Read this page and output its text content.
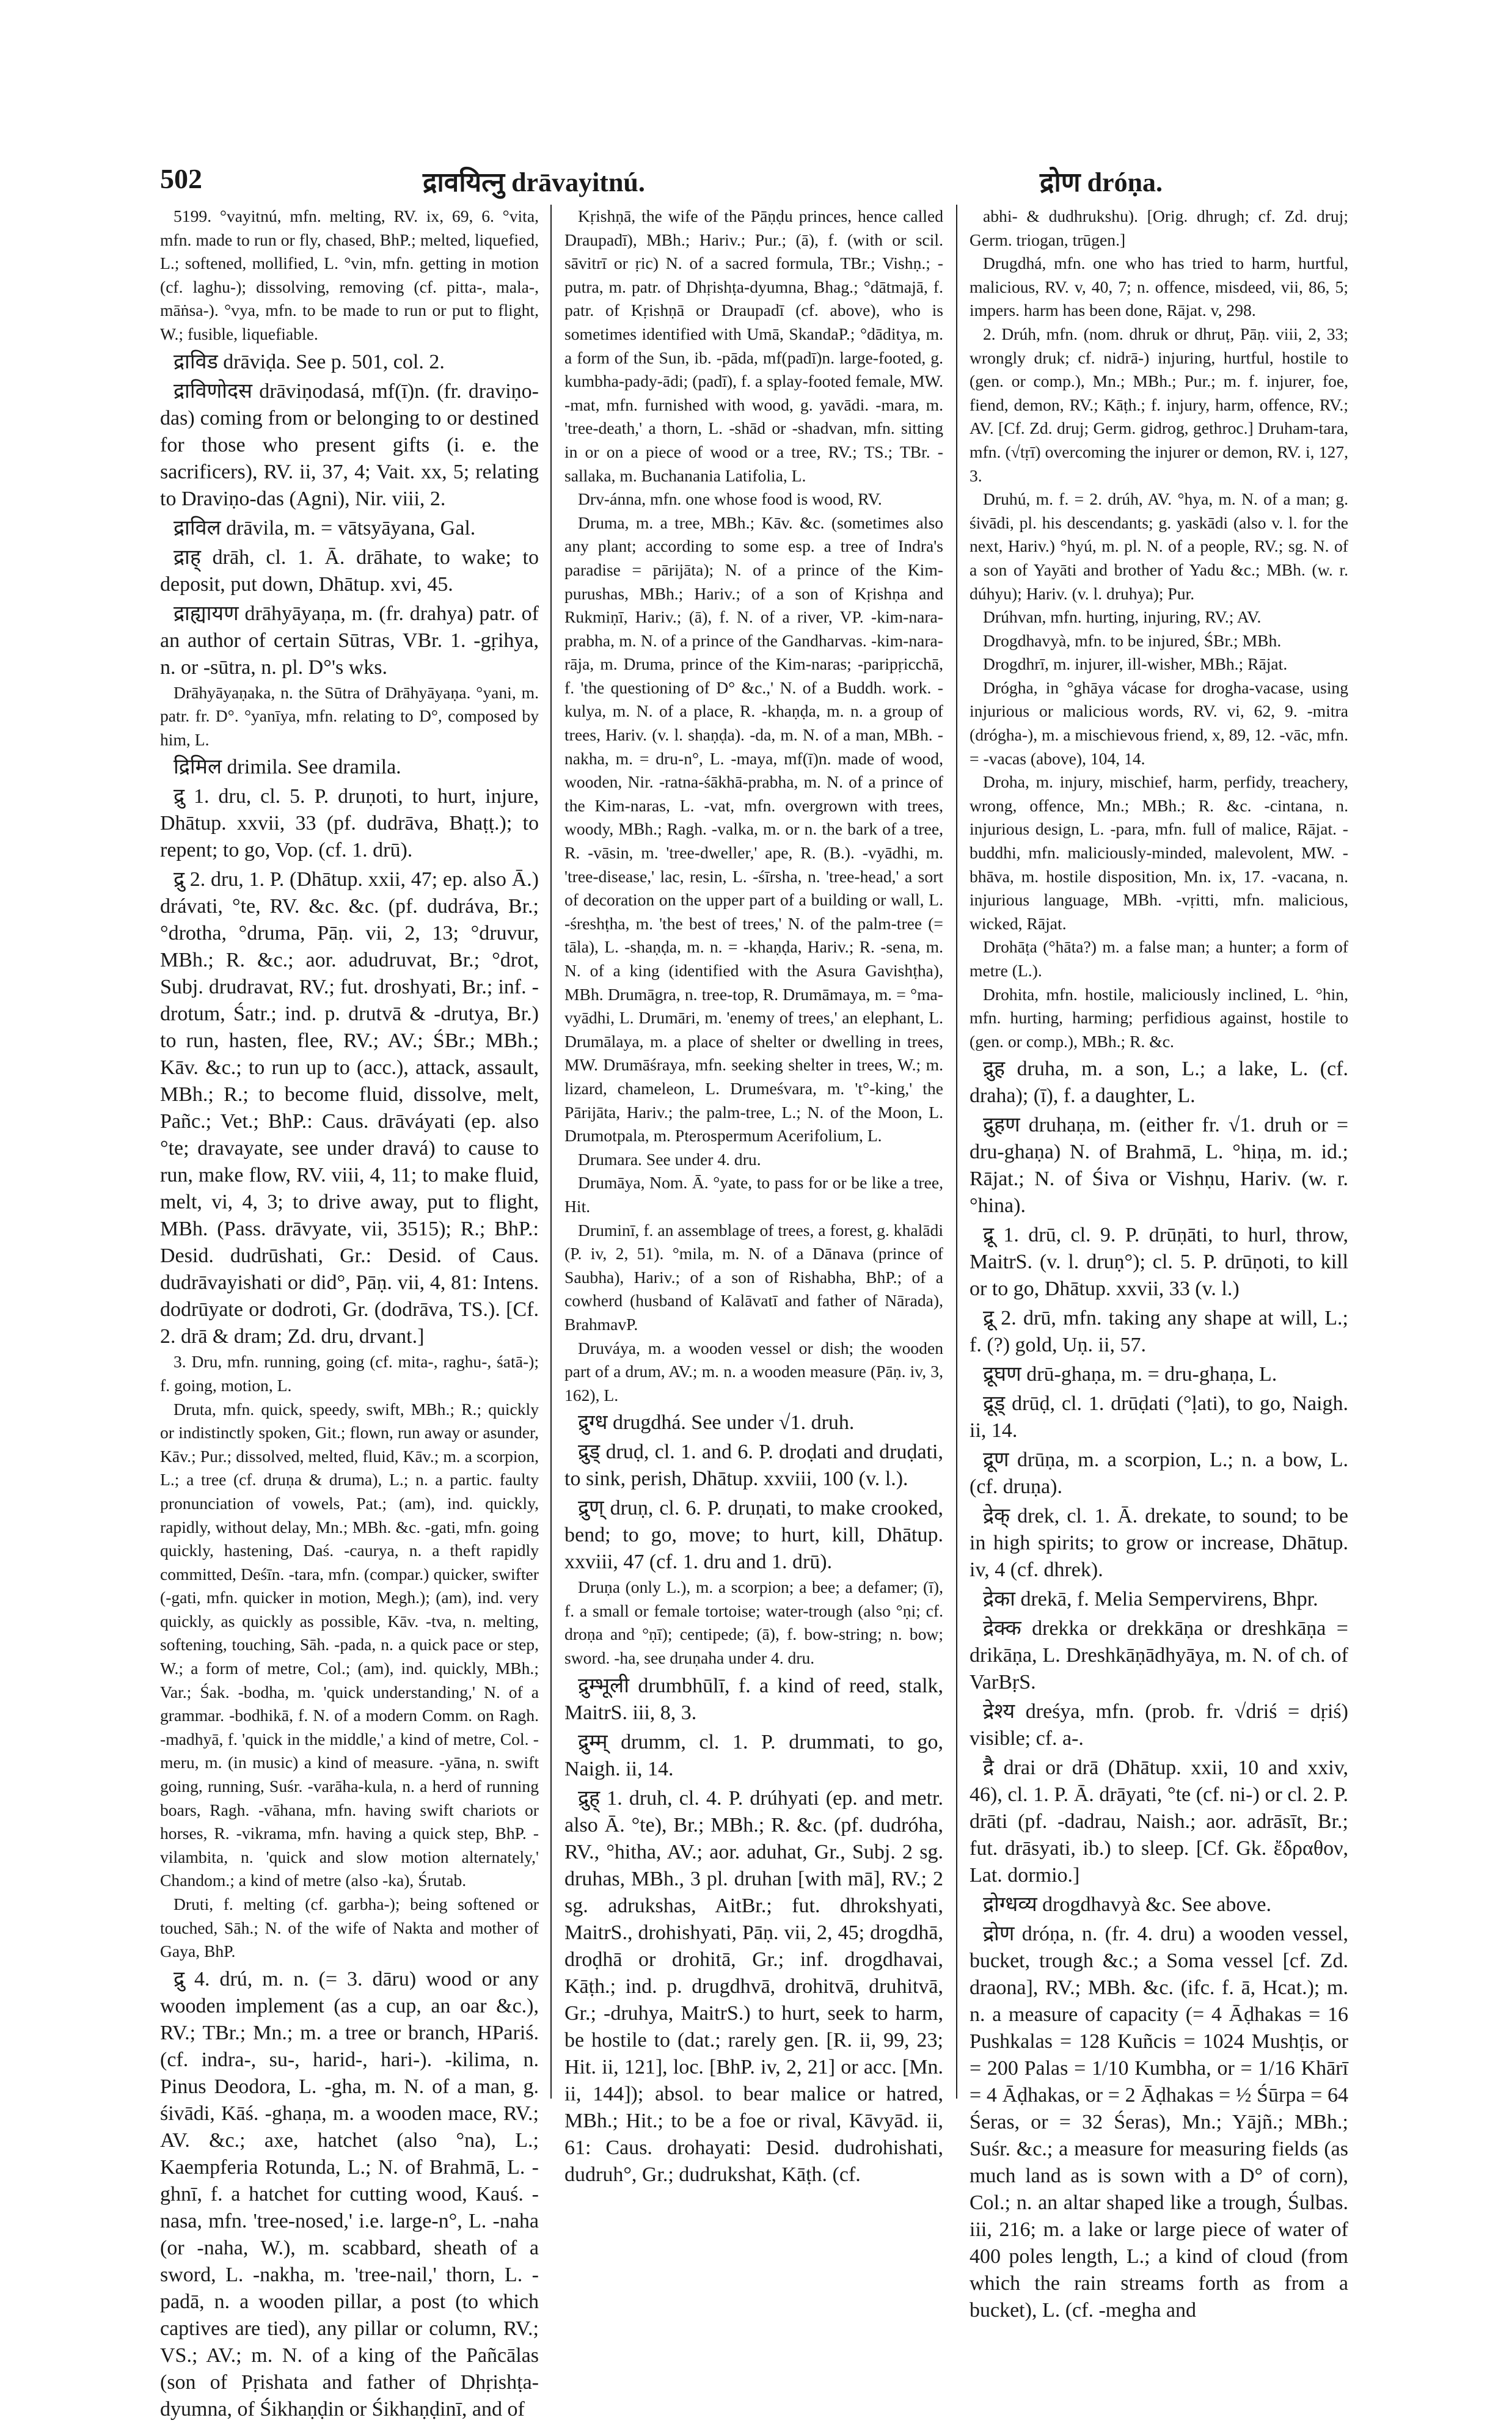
502	द्रावयित्नु drāvayitnú.	द्रोण dróṇa.

5199. °vayitnú, mfn. melting, RV. ix, 69, 6. °vita, mfn. made to run or fly, chased, BhP.; melted, liquefied, L.; softened, mollified, L. °vin, mfn. getting in motion (cf. laghu-); dissolving, removing (cf. pitta-, mala-, māṅsa-). °vya, mfn. to be made to run or put to flight, W.; fusible, liquefiable.

द्राविड drāviḍa. See p. 501, col. 2.

द्राविणोदस drāviṇodasá, mf(ī)n. (fr. draviṇo-das) coming from or belonging to or destined for those who present gifts (i. e. the sacrificers), RV. ii, 37, 4; Vait. xx, 5; relating to Draviṇo-das (Agni), Nir. viii, 2.

द्राविल drāvila, m. = vātsyāyana, Gal.

द्राह् drāh, cl. 1. Ā. drāhate, to wake; to deposit, put down, Dhātup. xvi, 45.

द्राह्यायण drāhyāyaṇa, m. (fr. drahya) patr. of an author of certain Sūtras, VBr. 1. -gṛihya, n. or -sūtra, n. pl. D°'s wks.

Drāhyāyaṇaka, n. the Sūtra of Drāhyāyaṇa. °yani, m. patr. fr. D°. °yanīya, mfn. relating to D°, composed by him, L.

द्रिमिल drimila. See dramila.

द्रु 1. dru, cl. 5. P. druṇoti, to hurt, injure, Dhātup. xxvii, 33 (pf. dudrāva, Bhaṭṭ.); to repent; to go, Vop. (cf. 1. drū).

द्रु 2. dru, 1. P. (Dhātup. xxii, 47; ep. also Ā.) drávati, °te, RV. &c. &c. (pf. dudráva, Br.; °drotha, °druma, Pāṇ. vii, 2, 13; °druvur, MBh.; R. &c.; aor. adudruvat, Br.; °drot, Subj. drudravat, RV.; fut. droshyati, Br.; inf. -drotum, Śatr.; ind. p. drutvā & -drutya, Br.) to run, hasten, flee, RV.; AV.; ŚBr.; MBh.; Kāv. &c.; to run up to (acc.), attack, assault, MBh.; R.; to become fluid, dissolve, melt, Pañc.; Vet.; BhP.: Caus. drāváyati (ep. also °te; dravayate, see under dravá) to cause to run, make flow, RV. viii, 4, 11; to make fluid, melt, vi, 4, 3; to drive away, put to flight, MBh. (Pass. drāvyate, vii, 3515); R.; BhP.: Desid. dudrūshati, Gr.: Desid. of Caus. dudrāvayishati or did°, Pāṇ. vii, 4, 81: Intens. dodrūyate or dodroti, Gr. (dodrāva, TS.). [Cf. 2. drā & dram; Zd. dru, drvant.]

3. Dru, mfn. running, going (cf. mita-, raghu-, śatā-); f. going, motion, L.

Druta, mfn. quick, speedy, swift, MBh.; R.; quickly or indistinctly spoken, Git.; flown, run away or asunder, Kāv.; Pur.; dissolved, melted, fluid, Kāv.; m. a scorpion, L.; a tree (cf. druṇa & druma), L.; n. a partic. faulty pronunciation of vowels, Pat.; (am), ind. quickly, rapidly, without delay, Mn.; MBh. &c. -gati, mfn. going quickly, hastening, Daś. -caurya, n. a theft rapidly committed, Deśīn. -tara, mfn. (compar.) quicker, swifter (-gati, mfn. quicker in motion, Megh.); (am), ind. very quickly, as quickly as possible, Kāv. -tva, n. melting, softening, touching, Sāh. -pada, n. a quick pace or step, W.; a form of metre, Col.; (am), ind. quickly, MBh.; Var.; Śak. -bodha, m. 'quick understanding,' N. of a grammar. -bodhikā, f. N. of a modern Comm. on Ragh. -madhyā, f. 'quick in the middle,' a kind of metre, Col. -meru, m. (in music) a kind of measure. -yāna, n. swift going, running, Suśr. -varāha-kula, n. a herd of running boars, Ragh. -vāhana, mfn. having swift chariots or horses, R. -vikrama, mfn. having a quick step, BhP. -vilambita, n. 'quick and slow motion alternately,' Chandom.; a kind of metre (also -ka), Śrutab.

Druti, f. melting (cf. garbha-); being softened or touched, Sāh.; N. of the wife of Nakta and mother of Gaya, BhP.

द्रु 4. drú, m. n. (= 3. dāru) wood or any wooden implement (as a cup, an oar &c.), RV.; TBr.; Mn.; m. a tree or branch, HPariś. (cf. indra-, su-, harid-, hari-). -kilima, n. Pinus Deodora, L. -gha, m. N. of a man, g. śivādi, Kāś. -ghaṇa, m. a wooden mace, RV.; AV. &c.; axe, hatchet (also °na), L.; Kaempferia Rotunda, L.; N. of Brahmā, L. -ghnī, f. a hatchet for cutting wood, Kauś. -nasa, mfn. 'tree-nosed,' i.e. large-n°, L. -naha (or -naha, W.), m. scabbard, sheath of a sword, L. -nakha, m. 'tree-nail,' thorn, L. -padā, n. a wooden pillar, a post (to which captives are tied), any pillar or column, RV.; VS.; AV.; m. N. of a king of the Pañcālas (son of Pṛishata and father of Dhṛishṭa-dyumna, of Śikhaṇḍin or Śikhaṇḍinī, and of

Kṛishṇā, the wife of the Pāṇḍu princes, hence called Draupadī), MBh.; Hariv.; Pur.; (ā), f. (with or scil. sāvitrī or ṛic) N. of a sacred formula, TBr.; Vishṇ.; -putra, m. patr. of Dhṛishṭa-dyumna, Bhag.; °dātmajā, f. patr. of Kṛishṇā or Draupadī (cf. above), who is sometimes identified with Umā, SkandaP.; °dāditya, m. a form of the Sun, ib. -pāda, mf(padī)n. large-footed, g. kumbha-pady-ādi; (padī), f. a splay-footed female, MW. -mat, mfn. furnished with wood, g. yavādi. -mara, m. 'tree-death,' a thorn, L. -shād or -shadvan, mfn. sitting in or on a piece of wood or a tree, RV.; TS.; TBr. -sallaka, m. Buchanania Latifolia, L.

Drv-ánna, mfn. one whose food is wood, RV.

Druma, m. a tree, MBh.; Kāv. &c. (sometimes also any plant; according to some esp. a tree of Indra's paradise = pārijāta); N. of a prince of the Kim-purushas, MBh.; Hariv.; of a son of Kṛishṇa and Rukmiṇī, Hariv.; (ā), f. N. of a river, VP. -kim-nara-prabha, m. N. of a prince of the Gandharvas. -kim-nara-rāja, m. Druma, prince of the Kim-naras; -paripṛicchā, f. 'the questioning of D° &c.,' N. of a Buddh. work. -kulya, m. N. of a place, R. -khaṇḍa, m. n. a group of trees, Hariv. (v. l. shaṇḍa). -da, m. N. of a man, MBh. -nakha, m. = dru-n°, L. -maya, mf(ī)n. made of wood, wooden, Nir. -ratna-śākhā-prabha, m. N. of a prince of the Kim-naras, L. -vat, mfn. overgrown with trees, woody, MBh.; Ragh. -valka, m. or n. the bark of a tree, R. -vāsin, m. 'tree-dweller,' ape, R. (B.). -vyādhi, m. 'tree-disease,' lac, resin, L. -śīrsha, n. 'tree-head,' a sort of decoration on the upper part of a building or wall, L. -śreshṭha, m. 'the best of trees,' N. of the palm-tree (= tāla), L. -shaṇḍa, m. n. = -khaṇḍa, Hariv.; R. -sena, m. N. of a king (identified with the Asura Gavishṭha), MBh. Drumāgra, n. tree-top, R. Drumāmaya, m. = °ma-vyādhi, L. Drumāri, m. 'enemy of trees,' an elephant, L. Drumālaya, m. a place of shelter or dwelling in trees, MW. Drumāśraya, mfn. seeking shelter in trees, W.; m. lizard, chameleon, L. Drumeśvara, m. 't°-king,' the Pārijāta, Hariv.; the palm-tree, L.; N. of the Moon, L. Drumotpala, m. Pterospermum Acerifolium, L.

Drumara. See under 4. dru.

Drumāya, Nom. Ā. °yate, to pass for or be like a tree, Hit.

Druminī, f. an assemblage of trees, a forest, g. khalādi (P. iv, 2, 51). °mila, m. N. of a Dānava (prince of Saubha), Hariv.; of a son of Rishabha, BhP.; of a cowherd (husband of Kalāvatī and father of Nārada), BrahmavP.

Druváya, m. a wooden vessel or dish; the wooden part of a drum, AV.; m. n. a wooden measure (Pāṇ. iv, 3, 162), L.

द्रुग्ध drugdhá. See under √1. druh.

द्रुड् druḍ, cl. 1. and 6. P. droḍati and druḍati, to sink, perish, Dhātup. xxviii, 100 (v. l.).

द्रुण् druṇ, cl. 6. P. druṇati, to make crooked, bend; to go, move; to hurt, kill, Dhātup. xxviii, 47 (cf. 1. dru and 1. drū).

Druṇa (only L.), m. a scorpion; a bee; a defamer; (ī), f. a small or female tortoise; water-trough (also °ṇi; cf. droṇa and °ṇī); centipede; (ā), f. bow-string; n. bow; sword. -ha, see druṇaha under 4. dru.

द्रुम्भूली drumbhūlī, f. a kind of reed, stalk, MaitrS. iii, 8, 3.

द्रुम्म् drumm, cl. 1. P. drummati, to go, Naigh. ii, 14.

द्रुह् 1. druh, cl. 4. P. drúhyati (ep. and metr. also Ā. °te), Br.; MBh.; R. &c. (pf. dudróha, RV., °hitha, AV.; aor. aduhat, Gr., Subj. 2 sg. druhas, MBh., 3 pl. druhan [with mā], RV.; 2 sg. adrukshas, AitBr.; fut. dhrokshyati, MaitrS., drohishyati, Pāṇ. vii, 2, 45; drogdhā, droḍhā or drohitā, Gr.; inf. drogdhavai, Kāṭh.; ind. p. drugdhvā, drohitvā, druhitvā, Gr.; -druhya, MaitrS.) to hurt, seek to harm, be hostile to (dat.; rarely gen. [R. ii, 99, 23; Hit. ii, 121], loc. [BhP. iv, 2, 21] or acc. [Mn. ii, 144]); absol. to bear malice or hatred, MBh.; Hit.; to be a foe or rival, Kāvyād. ii, 61: Caus. drohayati: Desid. dudrohishati, dudruh°, Gr.; dudrukshat, Kāṭh. (cf.

abhi- & dudhrukshu). [Orig. dhrugh; cf. Zd. druj; Germ. triogan, trūgen.]

Drugdhá, mfn. one who has tried to harm, hurtful, malicious, RV. v, 40, 7; n. offence, misdeed, vii, 86, 5; impers. harm has been done, Rājat. v, 298.

2. Drúh, mfn. (nom. dhruk or dhruṭ, Pāṇ. viii, 2, 33; wrongly druk; cf. nidrā-) injuring, hurtful, hostile to (gen. or comp.), Mn.; MBh.; Pur.; m. f. injurer, foe, fiend, demon, RV.; Kāṭh.; f. injury, harm, offence, RV.; AV. [Cf. Zd. druj; Germ. gidrog, gethroc.] Druham-tara, mfn. (√tṛī) overcoming the injurer or demon, RV. i, 127, 3.

Druhú, m. f. = 2. drúh, AV. °hya, m. N. of a man; g. śivādi, pl. his descendants; g. yaskādi (also v. l. for the next, Hariv.) °hyú, m. pl. N. of a people, RV.; sg. N. of a son of Yayāti and brother of Yadu &c.; MBh. (w. r. dúhyu); Hariv. (v. l. druhya); Pur.

Drúhvan, mfn. hurting, injuring, RV.; AV.

Drogdhavyà, mfn. to be injured, ŚBr.; MBh.

Drogdhrī, m. injurer, ill-wisher, MBh.; Rājat.

Drógha, in °ghāya vácase for drogha-vacase, using injurious or malicious words, RV. vi, 62, 9. -mitra (drógha-), m. a mischievous friend, x, 89, 12. -vāc, mfn. = -vacas (above), 104, 14.

Droha, m. injury, mischief, harm, perfidy, treachery, wrong, offence, Mn.; MBh.; R. &c. -cintana, n. injurious design, L. -para, mfn. full of malice, Rājat. -buddhi, mfn. maliciously-minded, malevolent, MW. -bhāva, m. hostile disposition, Mn. ix, 17. -vacana, n. injurious language, MBh. -vṛitti, mfn. malicious, wicked, Rājat.

Drohāṭa (°hāta?) m. a false man; a hunter; a form of metre (L.).

Drohita, mfn. hostile, maliciously inclined, L. °hin, mfn. hurting, harming; perfidious against, hostile to (gen. or comp.), MBh.; R. &c.

द्रुह druha, m. a son, L.; a lake, L. (cf. draha); (ī), f. a daughter, L.

द्रुहण druhaṇa, m. (either fr. √1. druh or = dru-ghaṇa) N. of Brahmā, L. °hiṇa, m. id.; Rājat.; N. of Śiva or Vishṇu, Hariv. (w. r. °hina).

द्रू 1. drū, cl. 9. P. drūṇāti, to hurl, throw, MaitrS. (v. l. druṇ°); cl. 5. P. drūṇoti, to kill or to go, Dhātup. xxvii, 33 (v. l.)

द्रू 2. drū, mfn. taking any shape at will, L.; f. (?) gold, Uṇ. ii, 57.

द्रूघण drū-ghaṇa, m. = dru-ghaṇa, L.

द्रूड् drūḍ, cl. 1. drūḍati (°ḷati), to go, Naigh. ii, 14.

द्रूण drūṇa, m. a scorpion, L.; n. a bow, L. (cf. druṇa).

द्रेक् drek, cl. 1. Ā. drekate, to sound; to be in high spirits; to grow or increase, Dhātup. iv, 4 (cf. dhrek).

द्रेका drekā, f. Melia Sempervirens, Bhpr.

द्रेक्क drekka or drekkāṇa or dreshkāṇa = drikāṇa, L. Dreshkāṇādhyāya, m. N. of ch. of VarBṛS.

द्रेश्य dreśya, mfn. (prob. fr. √driś = dṛiś) visible; cf. a-.

द्रै drai or drā (Dhātup. xxii, 10 and xxiv, 46), cl. 1. P. Ā. drāyati, °te (cf. ni-) or cl. 2. P. drāti (pf. -dadrau, Naish.; aor. adrāsīt, Br.; fut. drāsyati, ib.) to sleep. [Cf. Gk. ἔδραθον, Lat. dormio.]

द्रोग्धव्य drogdhavyà &c. See above.

द्रोण dróṇa, n. (fr. 4. dru) a wooden vessel, bucket, trough &c.; a Soma vessel [cf. Zd. draona], RV.; MBh. &c. (ifc. f. ā, Hcat.); m. n. a measure of capacity (= 4 Āḍhakas = 16 Pushkalas = 128 Kuñcis = 1024 Mushṭis, or = 200 Palas = 1/10 Kumbha, or = 1/16 Khārī = 4 Āḍhakas, or = 2 Āḍhakas = ½ Śūrpa = 64 Śeras, or = 32 Śeras), Mn.; Yājñ.; MBh.; Suśr. &c.; a measure for measuring fields (as much land as is sown with a D° of corn), Col.; n. an altar shaped like a trough, Śulbas. iii, 216; m. a lake or large piece of water of 400 poles length, L.; a kind of cloud (from which the rain streams forth as from a bucket), L. (cf. -megha and
